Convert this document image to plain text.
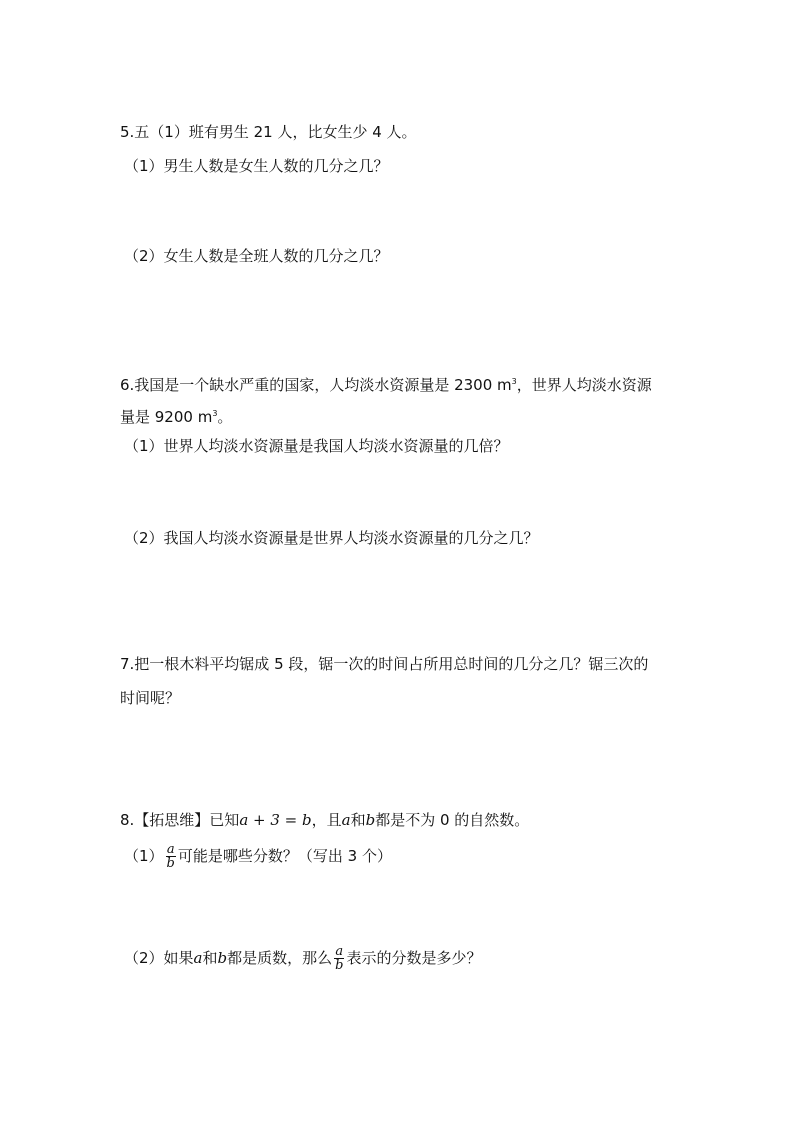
5.五（1）班有男生 21 人，比女生少 4 人。
（1）男生人数是女生人数的几分之几？
（2）女生人数是全班人数的几分之几？
6.我国是一个缺水严重的国家，人均淡水资源量是 2300 $m^3$，世界人均淡水资源
量是 9200 $m^3$。
（1）世界人均淡水资源量是我国人均淡水资源量的几倍？
（2）我国人均淡水资源量是世界人均淡水资源量的几分之几？
7.把一根木料平均锯成 5 段，锯一次的时间占所用总时间的几分之几？锯三次的
时间呢？
8.【拓思维】已知a + 3 = b，且a和b都是不为 0 的自然数。
$(1) \frac{a}{b}$ 可能是哪些分数？（写出 3 个）
（2）如果a和b都是质数，那么 $\frac{a}{b}$ 表示的分数是多少？
